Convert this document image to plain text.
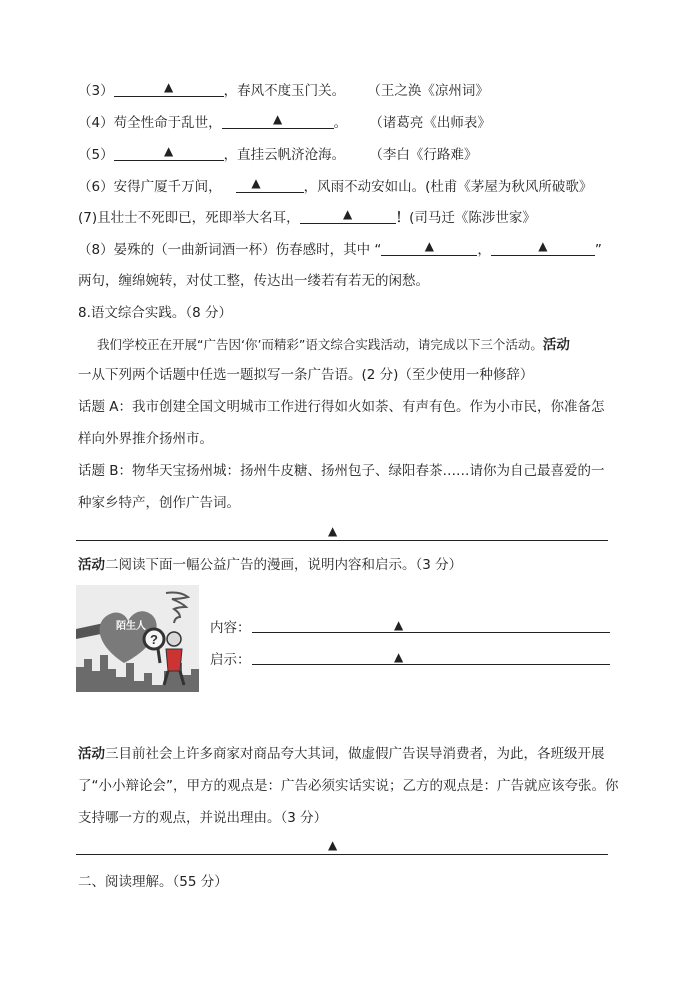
（3）	▲	，春风不度玉门关。 （王之涣《凉州词》
（4）苟全性命于乱世，	▲	。 （诸葛亮《出师表》
（5）	▲	，直挂云帆济沧海。 （李白《行路难》
（6）安得广厦千万间， ▲	，风雨不动安如山。(杜甫《茅屋为秋风所破歌》
(7)且壮士不死即已，死即举大名耳，	▲	！(司马迁《陈涉世家》
（8）晏殊的（一曲新词酒一杯）伤春感时，其中 “	▲	，	▲	”
两句，缠绵婉转，对仗工整，传达出一缕若有若无的闲愁。
8.语文综合实践。（8 分）
我们学校正在开展“广告因‘你’而精彩”语文综合实践活动，请完成以下三个活动。活动
一从下列两个话题中任选一题拟写一条广告语。(2 分)（至少使用一种修辞）
话题 A：我市创建全国文明城市工作进行得如火如荼、有声有色。作为小市民，你准备怎
样向外界推介扬州市。
话题 B：物华天宝扬州城：扬州牛皮糖、扬州包子、绿阳春茶……请你为自己最喜爱的一
种家乡特产，创作广告词。
▲
活动二阅读下面一幅公益广告的漫画，说明内容和启示。（3 分）
陌生人
?
内容：	▲
启示：	▲
活动三目前社会上许多商家对商品夸大其词，做虚假广告误导消费者，为此，各班级开展
了“小小辩论会”，甲方的观点是：广告必须实话实说；乙方的观点是：广告就应该夸张。你
支持哪一方的观点，并说出理由。（3 分）
▲
二、阅读理解。（55 分）
